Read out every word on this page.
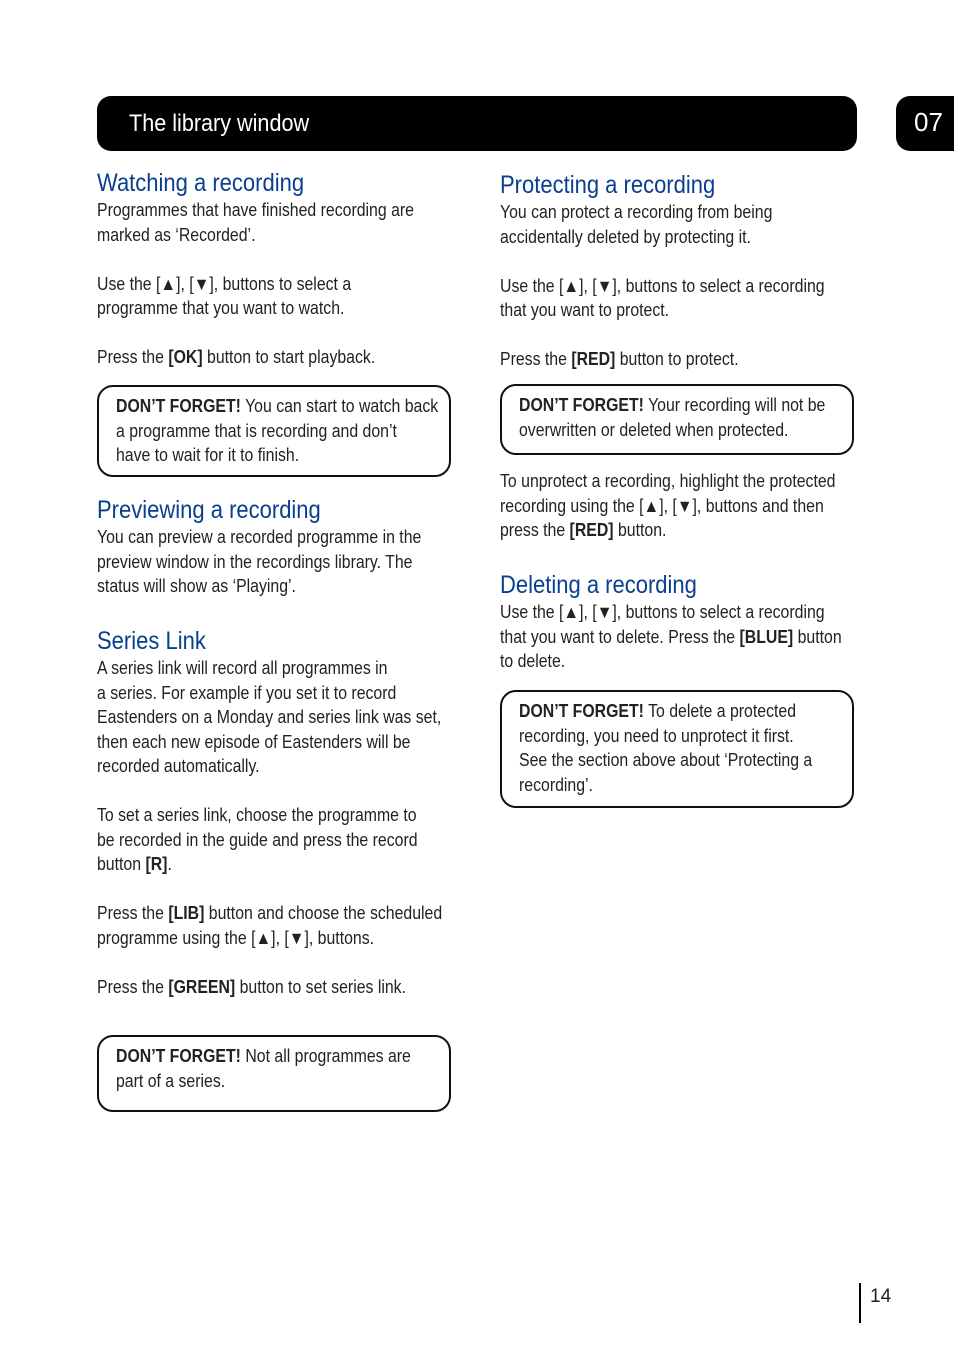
The library window	07
Watching a recording
Programmes that have finished recording are
marked as ‘Recorded’.
Use the [▲], [▼], buttons to select a
programme that you want to watch.
Press the [OK] button to start playback.
DON’T FORGET! You can start to watch back
a programme that is recording and don’t
have to wait for it to finish.
Previewing a recording
You can preview a recorded programme in the
preview window in the recordings library. The
status will show as ‘Playing’.
Series Link
A series link will record all programmes in
a series. For example if you set it to record
Eastenders on a Monday and series link was set,
then each new episode of Eastenders will be
recorded automatically.
To set a series link, choose the programme to
be recorded in the guide and press the record
button [R].
Press the [LIB] button and choose the scheduled
programme using the [▲], [▼], buttons.
Press the [GREEN] button to set series link.
DON’T FORGET! Not all programmes are
part of a series.
Protecting a recording
You can protect a recording from being
accidentally deleted by protecting it.
Use the [▲], [▼], buttons to select a recording
that you want to protect.
Press the [RED] button to protect.
DON’T FORGET! Your recording will not be
overwritten or deleted when protected.
To unprotect a recording, highlight the protected
recording using the [▲], [▼], buttons and then
press the [RED] button.
Deleting a recording
Use the [▲], [▼], buttons to select a recording
that you want to delete. Press the [BLUE] button
to delete.
DON’T FORGET! To delete a protected
recording, you need to unprotect it first.
See the section above about ‘Protecting a
recording’.
14
